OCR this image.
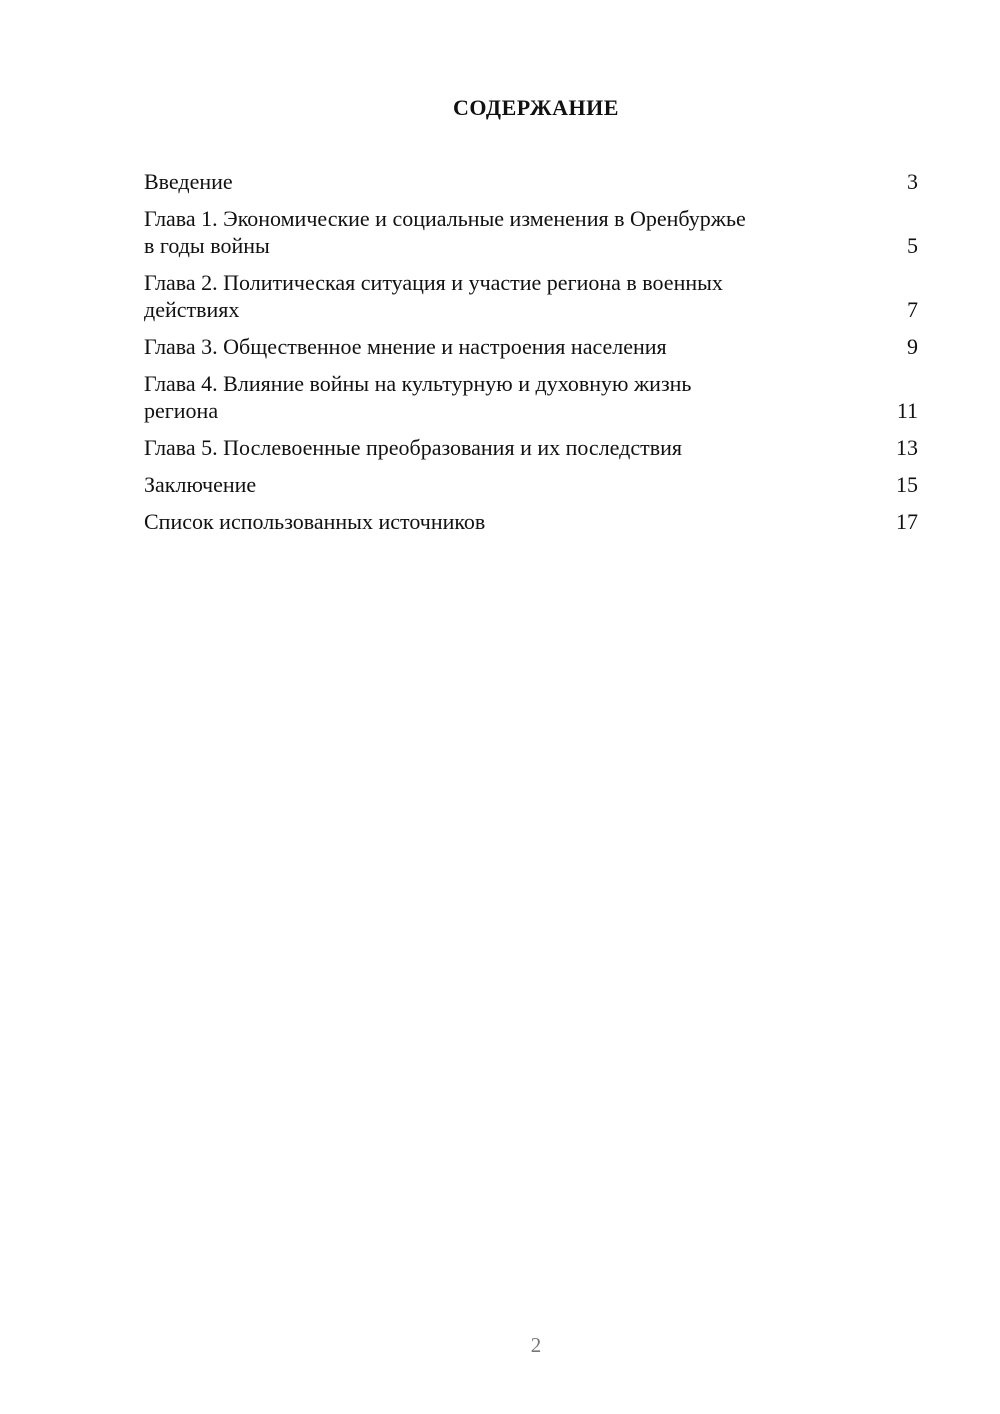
СОДЕРЖАНИЕ
Введение	3
Глава 1. Экономические и социальные изменения в Оренбуржье
в годы войны	5
Глава 2. Политическая ситуация и участие региона в военных
действиях	7
Глава 3. Общественное мнение и настроения населения	9
Глава 4. Влияние войны на культурную и духовную жизнь
региона	11
Глава 5. Послевоенные преобразования и их последствия	13
Заключение	15
Список использованных источников	17
2
